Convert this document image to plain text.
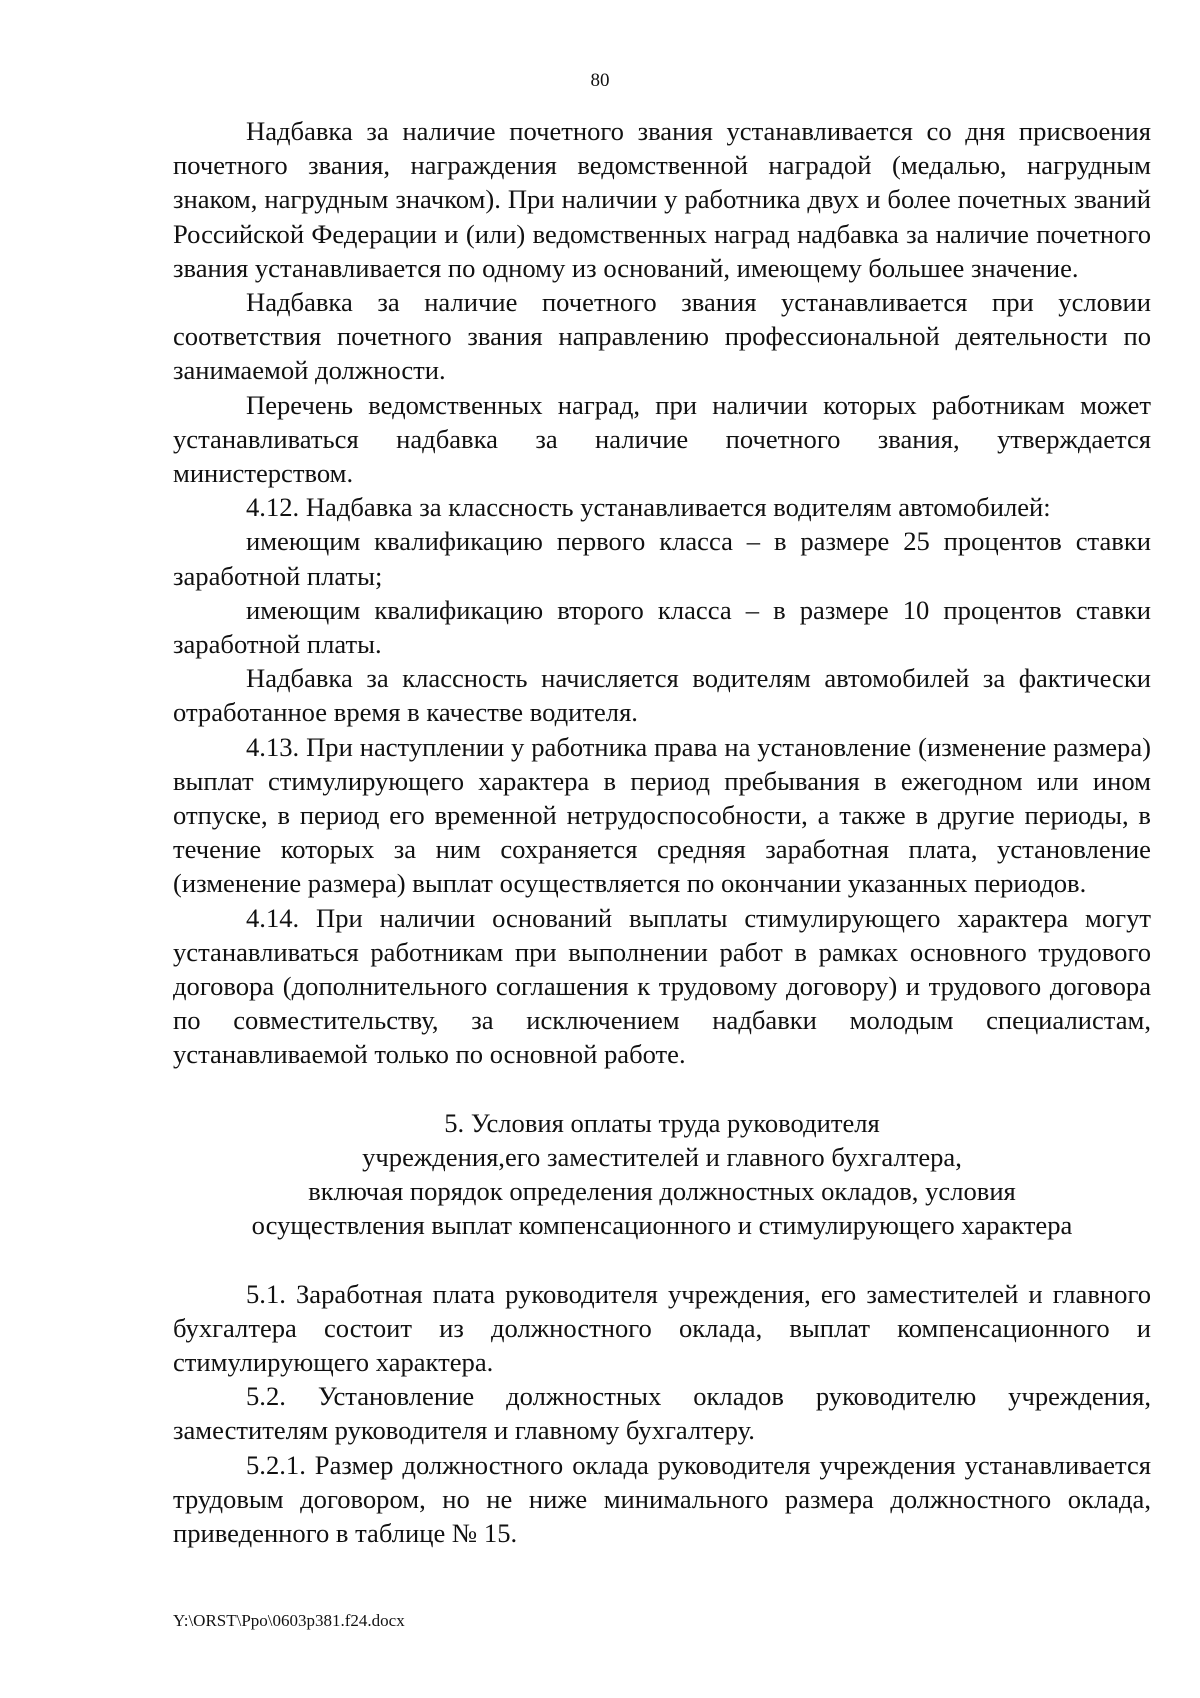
80

Надбавка за наличие почетного звания устанавливается со дня присвоения почетного звания, награждения ведомственной наградой (медалью, нагрудным знаком, нагрудным значком). При наличии у работника двух и более почетных званий Российской Федерации и (или) ведомственных наград надбавка за наличие почетного звания устанавливается по одному из оснований, имеющему большее значение.

Надбавка за наличие почетного звания устанавливается при условии соответствия почетного звания направлению профессиональной деятельности по занимаемой должности.

Перечень ведомственных наград, при наличии которых работникам может устанавливаться надбавка за наличие почетного звания, утверждается министерством.

4.12. Надбавка за классность устанавливается водителям автомобилей:

имеющим квалификацию первого класса – в размере 25 процентов ставки заработной платы;

имеющим квалификацию второго класса – в размере 10 процентов ставки заработной платы.

Надбавка за классность начисляется водителям автомобилей за фактически отработанное время в качестве водителя.

4.13. При наступлении у работника права на установление (изменение размера) выплат стимулирующего характера в период пребывания в ежегодном или ином отпуске, в период его временной нетрудоспособности, а также в другие периоды, в течение которых за ним сохраняется средняя заработная плата, установление (изменение размера) выплат осуществляется по окончании указанных периодов.

4.14. При наличии оснований выплаты стимулирующего характера могут устанавливаться работникам при выполнении работ в рамках основного трудового договора (дополнительного соглашения к трудовому договору) и трудового договора по совместительству, за исключением надбавки молодым специалистам, устанавливаемой только по основной работе.

5. Условия оплаты труда руководителя
учреждения,его заместителей и главного бухгалтера,
включая порядок определения должностных окладов, условия
осуществления выплат компенсационного и стимулирующего характера

5.1. Заработная плата руководителя учреждения, его заместителей и главного бухгалтера состоит из должностного оклада, выплат компенсационного и стимулирующего характера.

5.2. Установление должностных окладов руководителю учреждения, заместителям руководителя и главному бухгалтеру.

5.2.1. Размер должностного оклада руководителя учреждения устанавливается трудовым договором, но не ниже минимального размера должностного оклада, приведенного в таблице № 15.

Y:\ORST\Ppo\0603p381.f24.docx
